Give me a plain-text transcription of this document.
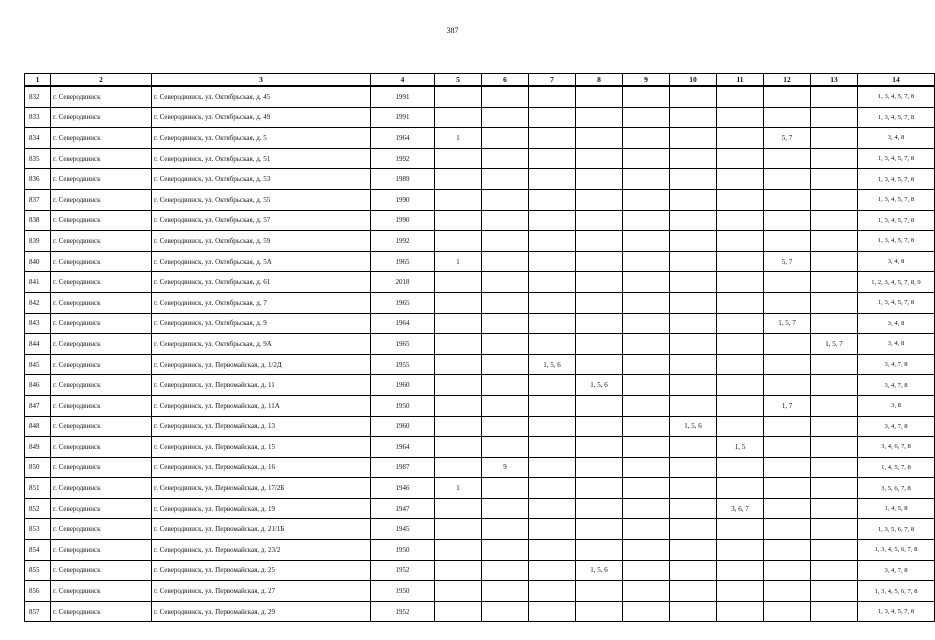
387
1	2	3	4	5	6	7	8	9	10	11	12	13	14
832	г. Северодвинск	г. Северодвинск, ул. Октябрьская, д. 45	1991										1, 3, 4, 5, 7, 8
833	г. Северодвинск	г. Северодвинск, ул. Октябрьская, д. 49	1991										1, 3, 4, 5, 7, 8
834	г. Северодвинск	г. Северодвинск, ул. Октябрьская, д. 5	1964	1							5, 7		3, 4, 8
835	г. Северодвинск	г. Северодвинск, ул. Октябрьская, д. 51	1992										1, 3, 4, 5, 7, 8
836	г. Северодвинск	г. Северодвинск, ул. Октябрьская, д. 53	1989										1, 3, 4, 5, 7, 8
837	г. Северодвинск	г. Северодвинск, ул. Октябрьская, д. 55	1990										1, 3, 4, 5, 7, 8
838	г. Северодвинск	г. Северодвинск, ул. Октябрьская, д. 57	1990										1, 3, 4, 5, 7, 8
839	г. Северодвинск	г. Северодвинск, ул. Октябрьская, д. 59	1992										1, 3, 4, 5, 7, 8
840	г. Северодвинск	г. Северодвинск, ул. Октябрьская, д. 5А	1965	1							5, 7		3, 4, 8
841	г. Северодвинск	г. Северодвинск, ул. Октябрьская, д. 61	2018										1, 2, 3, 4, 5, 7, 8, 9
842	г. Северодвинск	г. Северодвинск, ул. Октябрьская, д. 7	1965										1, 3, 4, 5, 7, 8
843	г. Северодвинск	г. Северодвинск, ул. Октябрьская, д. 9	1964								1, 5, 7		3, 4, 8
844	г. Северодвинск	г. Северодвинск, ул. Октябрьская, д. 9А	1965									1, 5, 7	3, 4, 8
845	г. Северодвинск	г. Северодвинск, ул. Первомайская, д. 1/2Д	1955			1, 5, 6							3, 4, 7, 8
846	г. Северодвинск	г. Северодвинск, ул. Первомайская, д. 11	1960				1, 5, 6						3, 4, 7, 8
847	г. Северодвинск	г. Северодвинск, ул. Первомайская, д. 11А	1950								1, 7		3, 8
848	г. Северодвинск	г. Северодвинск, ул. Первомайская, д. 13	1960						1, 5, 6				3, 4, 7, 8
849	г. Северодвинск	г. Северодвинск, ул. Первомайская, д. 15	1964							1, 5			3, 4, 6, 7, 8
850	г. Северодвинск	г. Северодвинск, ул. Первомайская, д. 16	1987		9								1, 4, 5, 7, 8
851	г. Северодвинск	г. Северодвинск, ул. Первомайская, д. 17/2Б	1946	1									3, 5, 6, 7, 8
852	г. Северодвинск	г. Северодвинск, ул. Первомайская, д. 19	1947							3, 6, 7			1, 4, 5, 8
853	г. Северодвинск	г. Северодвинск, ул. Первомайская, д. 21/1Б	1945										1, 3, 5, 6, 7, 8
854	г. Северодвинск	г. Северодвинск, ул. Первомайская, д. 23/2	1950										1, 3, 4, 5, 6, 7, 8
855	г. Северодвинск	г. Северодвинск, ул. Первомайская, д. 25	1952				1, 5, 6						3, 4, 7, 8
856	г. Северодвинск	г. Северодвинск, ул. Первомайская, д. 27	1950										1, 3, 4, 5, 6, 7, 8
857	г. Северодвинск	г. Северодвинск, ул. Первомайская, д. 29	1952										1, 3, 4, 5, 7, 8
